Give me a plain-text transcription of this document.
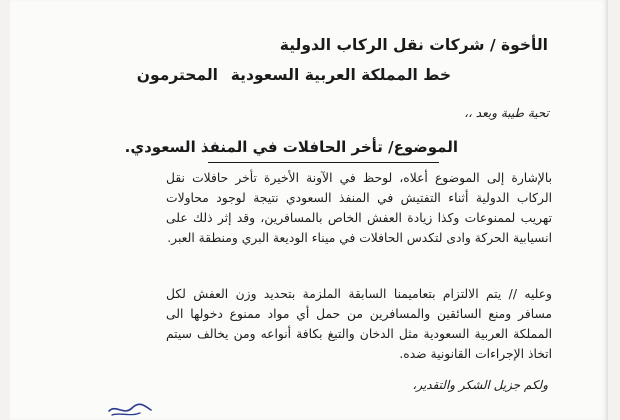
الأخوة / شركات نقل الركاب الدولية
خط المملكة العربية السعودية
المحترمون
تحية طيبة وبعد ،،
الموضوع/ تأخر الحافلات في المنفذ السعودي.
بالإشارة إلى الموضوع أعلاه، لوحظ في الآونة الأخيرة تأخر حافلات نقل الركاب الدولية أثناء التفتيش في المنفذ السعودي نتيجة لوجود محاولات تهريب لممنوعات وكذا زيادة العفش الخاص بالمسافرين، وقد إثر ذلك على انسيابية الحركة وادى لتكدس الحافلات في ميناء الوديعة البري ومنطقة العبر.
وعليه // يتم الالتزام بتعاميمنا السابقة الملزمة بتحديد وزن العفش لكل مسافر ومنع السائقين والمسافرين من حمل أي مواد ممنوع دخولها الى المملكة العربية السعودية مثل الدخان والتبغ بكافة أنواعه ومن يخالف سيتم اتخاذ الإجراءات القانونية ضده.
ولكم جزيل الشكر والتقدير،
